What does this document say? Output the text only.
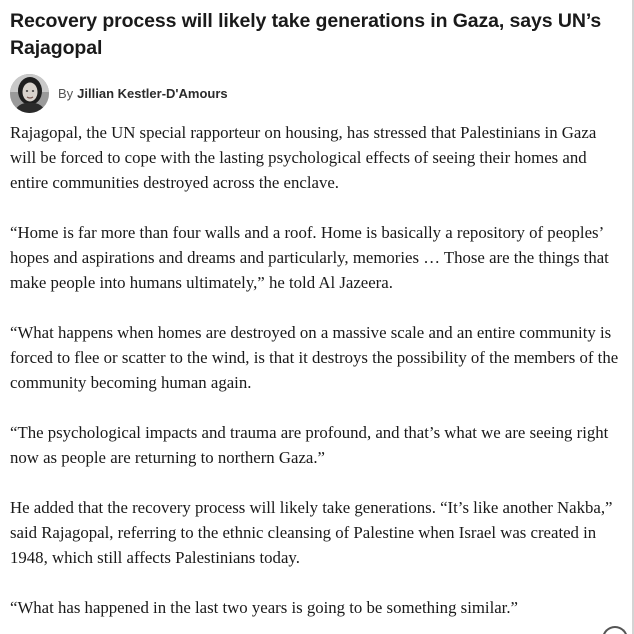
Recovery process will likely take generations in Gaza, says UN’s Rajagopal
By Jillian Kestler-D'Amours

Rajagopal, the UN special rapporteur on housing, has stressed that Palestinians in Gaza will be forced to cope with the lasting psychological effects of seeing their homes and entire communities destroyed across the enclave.

“Home is far more than four walls and a roof. Home is basically a repository of peoples’ hopes and aspirations and dreams and particularly, memories … Those are the things that make people into humans ultimately,” he told Al Jazeera.

“What happens when homes are destroyed on a massive scale and an entire community is forced to flee or scatter to the wind, is that it destroys the possibility of the members of the community becoming human again.

“The psychological impacts and trauma are profound, and that’s what we are seeing right now as people are returning to northern Gaza.”

He added that the recovery process will likely take generations. “It’s like another Nakba,” said Rajagopal, referring to the ethnic cleansing of Palestine when Israel was created in 1948, which still affects Palestinians today.

“What has happened in the last two years is going to be something similar.”
